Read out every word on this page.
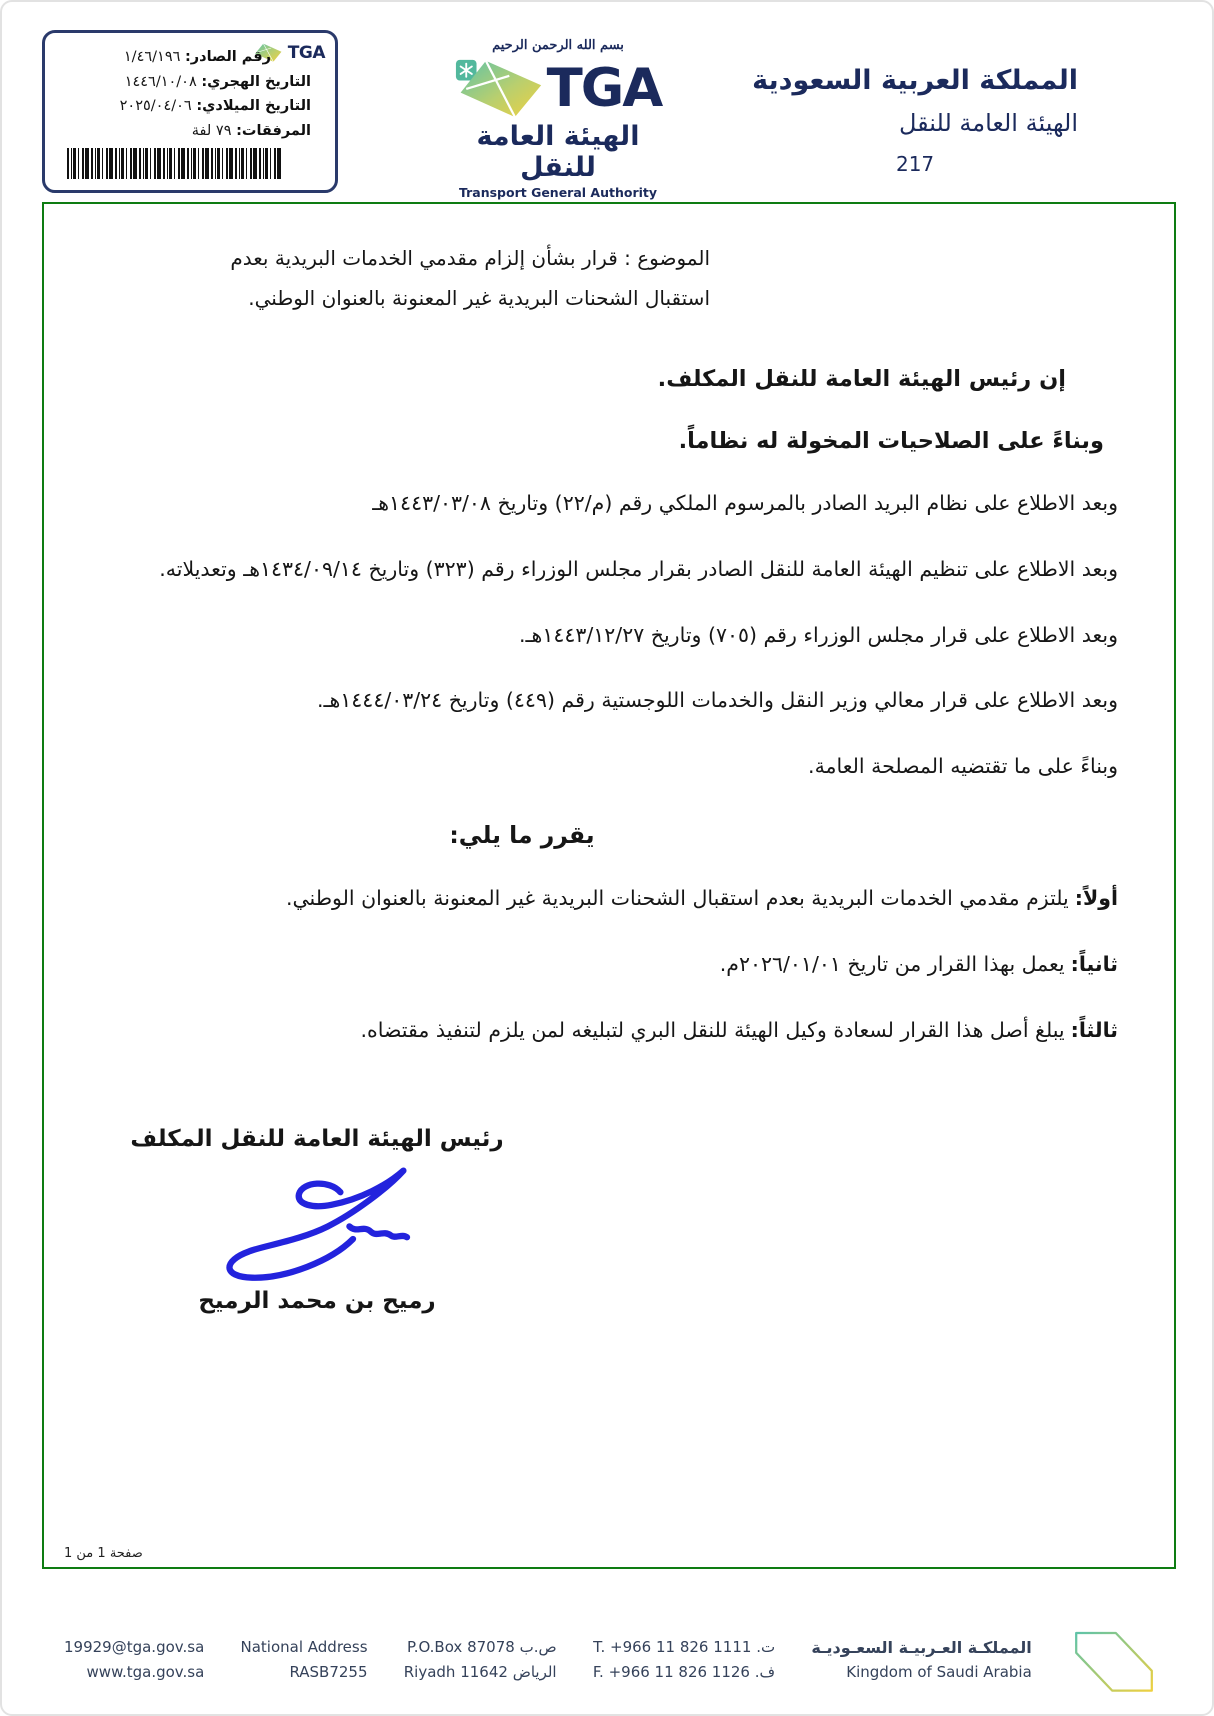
TGA
رقم الصادر: ١/٤٦/١٩٦
التاريخ الهجري: ١٤٤٦/١٠/٠٨
التاريخ الميلادي: ٢٠٢٥/٠٤/٠٦
المرفقات: ٧٩ لفة
بسم الله الرحمن الرحيم
TGA
الهيئة العامة للنقل
Transport General Authority
المملكة العربية السعودية
الهيئة العامة للنقل
217
الموضوع : قرار بشأن إلزام مقدمي الخدمات البريدية بعدم
استقبال الشحنات البريدية غير المعنونة بالعنوان الوطني.

إن رئيس الهيئة العامة للنقل المكلف.

وبناءً على الصلاحيات المخولة له نظاماً.

وبعد الاطلاع على نظام البريد الصادر بالمرسوم الملكي رقم (م/٢٢) وتاريخ ١٤٤٣/٠٣/٠٨هـ

وبعد الاطلاع على تنظيم الهيئة العامة للنقل الصادر بقرار مجلس الوزراء رقم (٣٢٣) وتاريخ ١٤٣٤/٠٩/١٤هـ وتعديلاته.

وبعد الاطلاع على قرار مجلس الوزراء رقم (٧٠٥) وتاريخ ١٤٤٣/١٢/٢٧هـ.

وبعد الاطلاع على قرار معالي وزير النقل والخدمات اللوجستية رقم (٤٤٩) وتاريخ ١٤٤٤/٠٣/٢٤هـ.

وبناءً على ما تقتضيه المصلحة العامة.

يقرر ما يلي:

أولاً:يلتزم مقدمي الخدمات البريدية بعدم استقبال الشحنات البريدية غير المعنونة بالعنوان الوطني.

ثانياً:يعمل بهذا القرار من تاريخ ٢٠٢٦/٠١/٠١م.

ثالثاً:يبلغ أصل هذا القرار لسعادة وكيل الهيئة للنقل البري لتبليغه لمن يلزم لتنفيذ مقتضاه.

رئيس الهيئة العامة للنقل المكلف
رميح بن محمد الرميح
صفحة 1 من 1
19929@tga.gov.sa
www.tga.gov.sa
National Address
RASB7255
P.O.Box 87078 ص.ب
Riyadh 11642 الرياض
T. +966 11 826 1111 ت.
F. +966 11 826 1126 ف.
المملكـة العـربيـة السعـوديـة
Kingdom of Saudi Arabia
